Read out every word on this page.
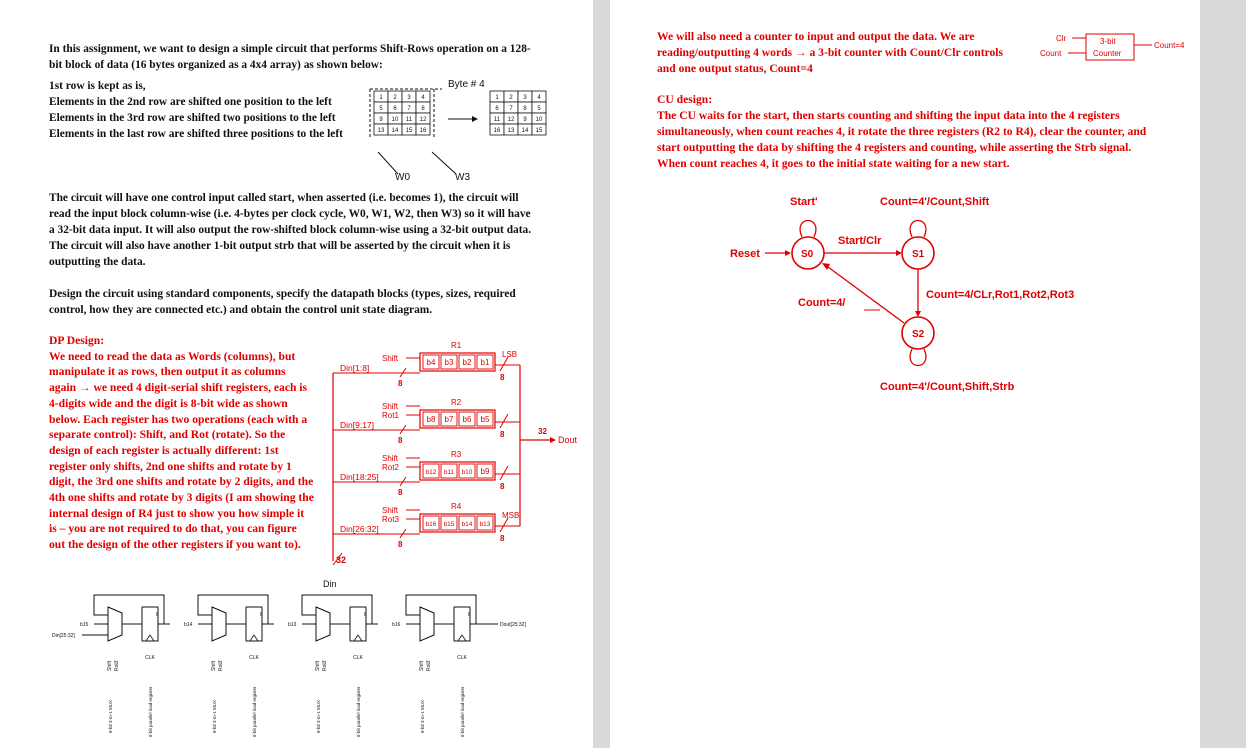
In this assignment, we want to design a simple circuit that performs Shift-Rows operation on a 128-
bit block of data (16 bytes organized as a 4x4 array) as shown below:
1st row is kept as is,
Elements in the 2nd row are shifted one position to the left
Elements in the 3rd row are shifted two positions to the left
Elements in the last row are shifted three positions to the left
Byte # 4
1 2 3 4
5 6 7 8
9 10 11 12
13 14 15 16
1 2 3 4
6 7 8 5
11 12 9 10
16 13 14 15
W0	W3
The circuit will have one control input called start, when asserted (i.e. becomes 1), the circuit will
read the input block column-wise (i.e. 4-bytes per clock cycle, W0, W1, W2, then W3) so it will have
a 32-bit data input. It will also output the row-shifted block column-wise using a 32-bit output data.
The circuit will also have another 1-bit output strb that will be asserted by the circuit when it is
outputting the data.
Design the circuit using standard components, specify the datapath blocks (types, sizes, required
control, how they are connected etc.) and obtain the control unit state diagram.
DP Design:
We need to read the data as Words (columns), but
manipulate it as rows, then output it as columns
again → we need 4 digit-serial shift registers, each is
4-digits wide and the digit is 8-bit wide as shown
below. Each register has two operations (each with a
separate control): Shift, and Rot (rotate). So the
design of each register is actually different: 1st
register only shifts, 2nd one shifts and rotate by 1
digit, the 3rd one shifts and rotate by 2 digits, and the
4th one shifts and rotate by 3 digits (I am showing the
internal design of R4 just to show you how simple it
is – you are not required to do that, you can figure
out the design of the other registers if you want to).
32
Din
R1
Shift	b4 b3 b2 b1
8
Din[1:8]
8
LSB
R2
Shift
Rot1	b8 b7 b6 b5
8
Din[9:17]
8
R3
Shift
Rot2
b12 b11 b10 b9
8
Din[18:25]
8
R4
Shift
Rot3
b16 b15 b14 b13
8
Din[26:32]
8
MSB
32
Dout
8
CLK
Shift Rot3
8-bit 3-to-1 MUX	8-bit parallel load register
b15
8
CLK
Shift Rot3
8-bit 3-to-1 MUX	8-bit parallel load register
b14
8
CLK
Shift Rot3
8-bit 3-to-1 MUX	8-bit parallel load register
b13
8
CLK
Shift Rot3
8-bit 3-to-1 MUX	8-bit parallel load register
b16
Din[25:32]
Dout[25:32]
We will also need a counter to input and output the data. We are
reading/outputting 4 words → a 3-bit counter with Count/Clr controls
and one output status, Count=4
Clr
Count
3-bit
Counter
Count=4
CU design:
The CU waits for the start, then starts counting and shifting the input data into the 4 registers
simultaneously, when count reaches 4, it rotate the three registers (R2 to R4), clear the counter, and
start outputting the data by shifting the 4 registers and counting, while asserting the Strb signal.
When count reaches 4, it goes to the initial state waiting for a new start.
Reset
Start'	Count=4'/Count,Shift
Start/Clr
Count=4/CLr,Rot1,Rot2,Rot3
Count=4/
Count=4'/Count,Shift,Strb
S0	S1
S2
